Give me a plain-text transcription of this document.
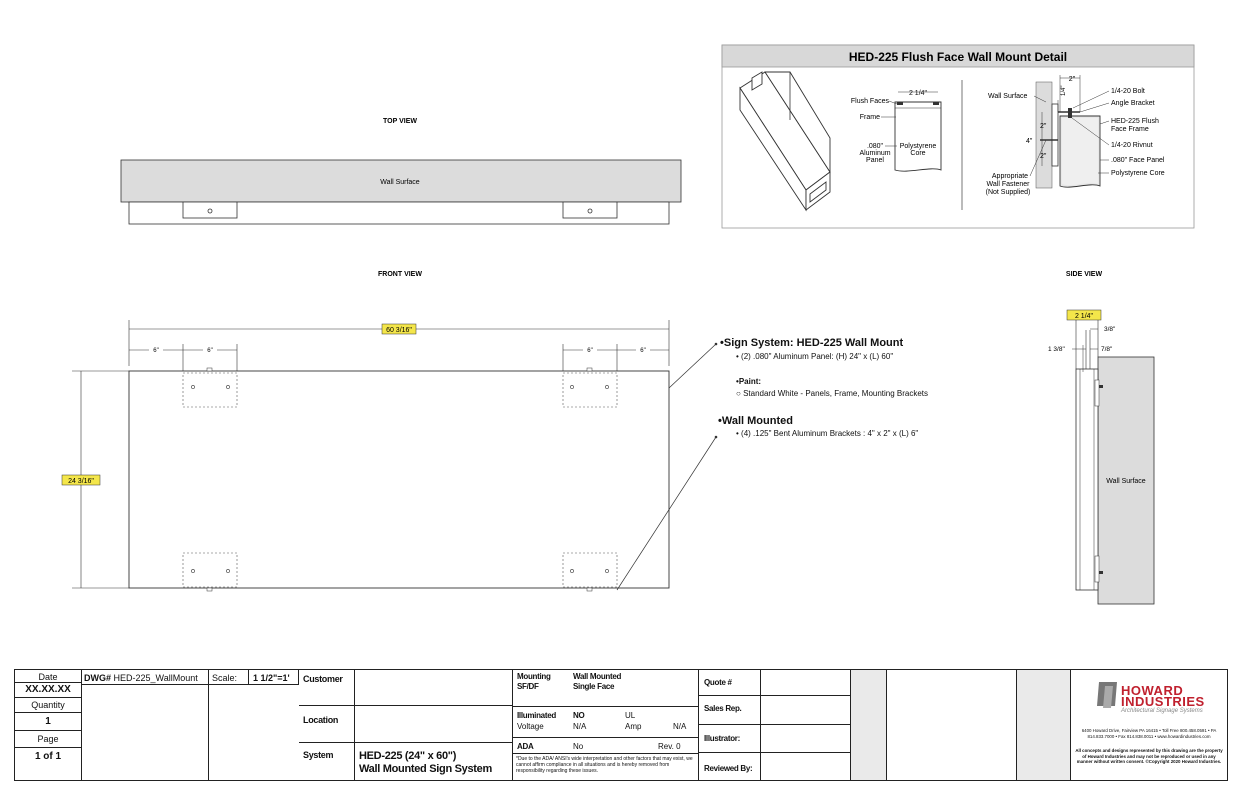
TOP VIEW
Wall Surface
FRONT VIEW
60 3/16"
6"	6"	6"	6"
24 3/16"
SIDE VIEW
Wall Surface
2 1/4"
3/8"
7/8"
1 3/8"
HED-225 Flush Face Wall Mount Detail
2 1/4"
Flush Faces
Frame
.080" Aluminum Panel
Polystyrene Core
2"
1/4"
4"
2"
2"
Wall Surface
1/4-20 Bolt
Angle Bracket
HED-225 Flush Face Frame
1/4-20 Rivnut
.080" Face Panel
Polystyrene Core
Appropriate Wall Fastener (Not Supplied)
•Sign System: HED-225 Wall Mount
• (2) .080" Aluminum Panel: (H) 24" x (L) 60"
•Paint:
○ Standard White - Panels, Frame, Mounting Brackets
•Wall Mounted
• (4) .125" Bent Aluminum Brackets : 4" x 2" x (L) 6"
Date
XX.XX.XX
Quantity
1
Page
1 of 1
DWG# HED-225_WallMount Scale: 1 1/2"=1' Customer
Location
System HED-225 (24" x 60")
Wall Mounted Sign System
Mounting	Wall Mounted
SF/DF	Single Face
Illuminated NO	UL
Voltage	N/A	Amp	N/A
ADA	No	Rev. 0
*Due to the ADA/ ANSI's wide interpretation and other factors that may exist, we cannot affirm compliance in all situations and is hereby removed from responsibility regarding these issues.
Quote #
Sales Rep.
Illustrator:
Reviewed By:
HOWARD
INDUSTRIES
Architectural Signage Systems
6400 Howard Drive, Fairview PA 16415 • Toll Free 800.458.0591 • PA 814.833.7000 • Fax 814.838.0011 • www.howardindustries.com
All concepts and designs represented by this drawing are the property of Howard Industries and may not be reproduced or used in any manner without written consent. ©Copyright 2020 Howard Industries.
